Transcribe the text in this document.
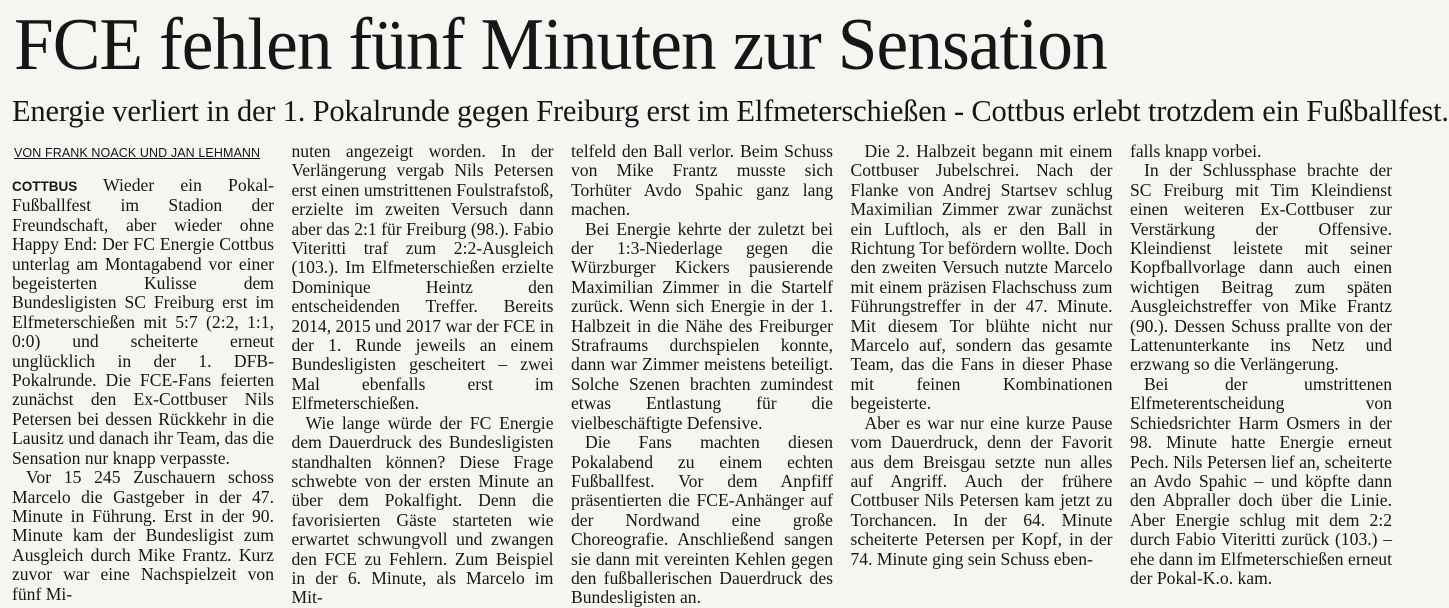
FCE fehlen fünf Minuten zur Sensation
Energie verliert in der 1. Pokalrunde gegen Freiburg erst im Elfmeterschießen - Cottbus erlebt trotzdem ein Fußballfest.
VON FRANK NOACK UND JAN LEHMANN

COTTBUS Wieder ein Pokal-Fußballfest im Stadion der Freundschaft, aber wieder ohne Happy End: Der FC Energie Cottbus unterlag am Montagabend vor einer begeisterten Kulisse dem Bundesligisten SC Freiburg erst im Elfmeterschießen mit 5:7 (2:2, 1:1, 0:0) und scheiterte erneut unglücklich in der 1. DFB-Pokalrunde. Die FCE-Fans feierten zunächst den Ex-Cottbuser Nils Petersen bei dessen Rückkehr in die Lausitz und danach ihr Team, das die Sensation nur knapp verpasste.

Vor 15 245 Zuschauern schoss Marcelo die Gastgeber in der 47. Minute in Führung. Erst in der 90. Minute kam der Bundesligist zum Ausgleich durch Mike Frantz. Kurz zuvor war eine Nachspielzeit von fünf Mi-

nuten angezeigt worden. In der Verlängerung vergab Nils Petersen erst einen umstrittenen Foulstrafstoß, erzielte im zweiten Versuch dann aber das 2:1 für Freiburg (98.). Fabio Viteritti traf zum 2:2-Ausgleich (103.). Im Elfmeterschießen erzielte Dominique Heintz den entscheidenden Treffer. Bereits 2014, 2015 und 2017 war der FCE in der 1. Runde jeweils an einem Bundesligisten gescheitert – zwei Mal ebenfalls erst im Elfmeterschießen.

Wie lange würde der FC Energie dem Dauerdruck des Bundesligisten standhalten können? Diese Frage schwebte von der ersten Minute an über dem Pokalfight. Denn die favorisierten Gäste starteten wie erwartet schwungvoll und zwangen den FCE zu Fehlern. Zum Beispiel in der 6. Minute, als Marcelo im Mit-

telfeld den Ball verlor. Beim Schuss von Mike Frantz musste sich Torhüter Avdo Spahic ganz lang machen.

Bei Energie kehrte der zuletzt bei der 1:3-Niederlage gegen die Würzburger Kickers pausierende Maximilian Zimmer in die Startelf zurück. Wenn sich Energie in der 1. Halbzeit in die Nähe des Freiburger Strafraums durchspielen konnte, dann war Zimmer meistens beteiligt. Solche Szenen brachten zumindest etwas Entlastung für die vielbeschäftigte Defensive.

Die Fans machten diesen Pokalabend zu einem echten Fußballfest. Vor dem Anpfiff präsentierten die FCE-Anhänger auf der Nordwand eine große Choreografie. Anschließend sangen sie dann mit vereinten Kehlen gegen den fußballerischen Dauerdruck des Bundesligisten an.

Die 2. Halbzeit begann mit einem Cottbuser Jubelschrei. Nach der Flanke von Andrej Startsev schlug Maximilian Zimmer zwar zunächst ein Luftloch, als er den Ball in Richtung Tor befördern wollte. Doch den zweiten Versuch nutzte Marcelo mit einem präzisen Flachschuss zum Führungstreffer in der 47. Minute. Mit diesem Tor blühte nicht nur Marcelo auf, sondern das gesamte Team, das die Fans in dieser Phase mit feinen Kombinationen begeisterte.

Aber es war nur eine kurze Pause vom Dauerdruck, denn der Favorit aus dem Breisgau setzte nun alles auf Angriff. Auch der frühere Cottbuser Nils Petersen kam jetzt zu Torchancen. In der 64. Minute scheiterte Petersen per Kopf, in der 74. Minute ging sein Schuss eben-

falls knapp vorbei.

In der Schlussphase brachte der SC Freiburg mit Tim Kleindienst einen weiteren Ex-Cottbuser zur Verstärkung der Offensive. Kleindienst leistete mit seiner Kopfballvorlage dann auch einen wichtigen Beitrag zum späten Ausgleichstreffer von Mike Frantz (90.). Dessen Schuss prallte von der Lattenunterkante ins Netz und erzwang so die Verlängerung.

Bei der umstrittenen Elfmeterentscheidung von Schiedsrichter Harm Osmers in der 98. Minute hatte Energie erneut Pech. Nils Petersen lief an, scheiterte an Avdo Spahic – und köpfte dann den Abpraller doch über die Linie. Aber Energie schlug mit dem 2:2 durch Fabio Viteritti zurück (103.) – ehe dann im Elfmeterschießen erneut der Pokal-K.o. kam.
